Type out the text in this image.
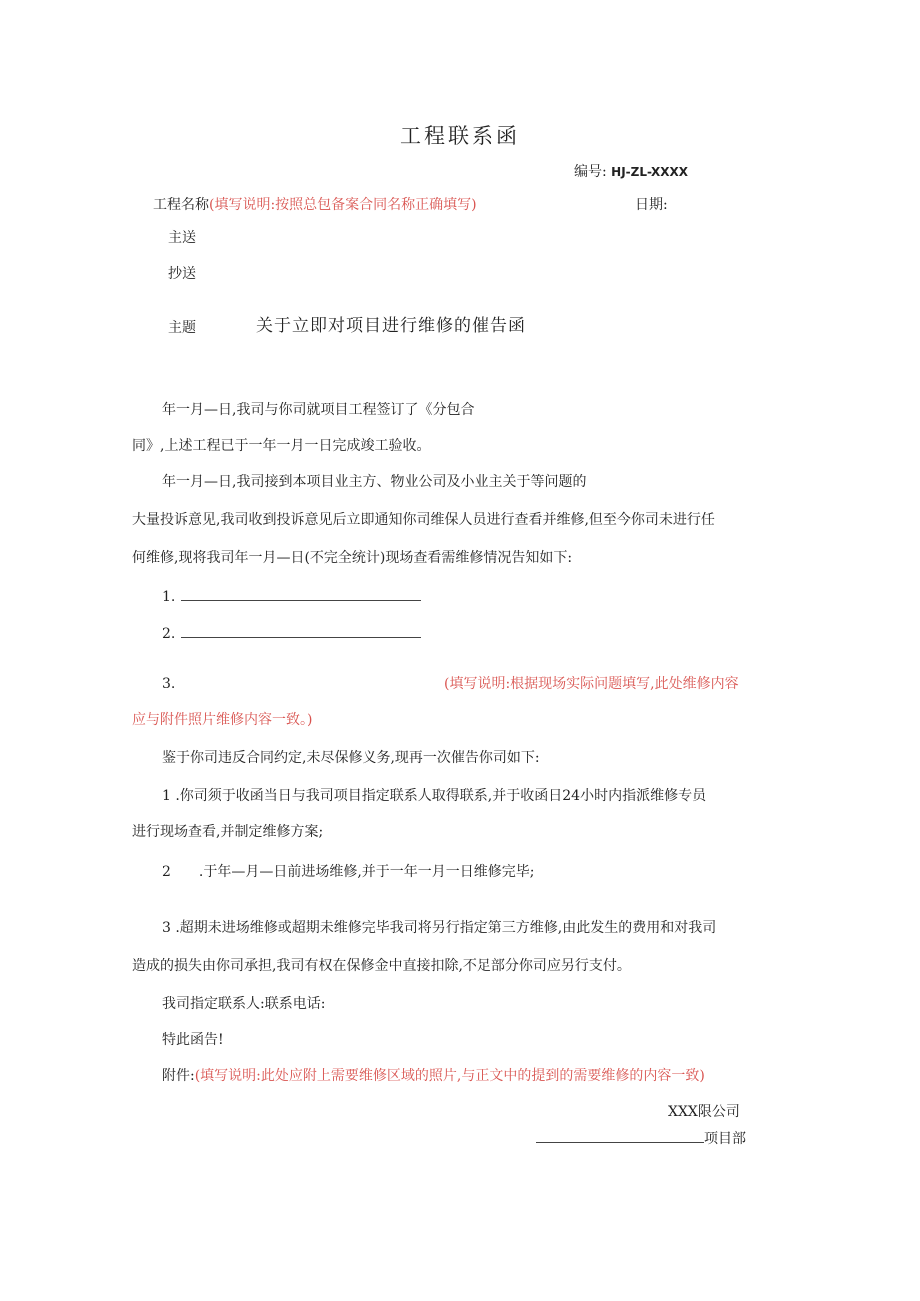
工程联系函
编号: HJ-ZL-XXXX
工程名称(填写说明:按照总包备案合同名称正确填写)	日期:
主送
抄送
主题	关于立即对项目进行维修的催告函
年一月—日,我司与你司就项目工程签订了《分包合
同》,上述工程已于一年一月一日完成竣工验收。
年一月—日,我司接到本项目业主方、物业公司及小业主关于等问题的
大量投诉意见,我司收到投诉意见后立即通知你司维保人员进行查看并维修,但至今你司未进行任
何维修,现将我司年一月—日(不完全统计)现场查看需维修情况告知如下:
1.
2.
3.	(填写说明:根据现场实际问题填写,此处维修内容
应与附件照片维修内容一致。)
鉴于你司违反合同约定,未尽保修义务,现再一次催告你司如下:
1 .你司须于收函当日与我司项目指定联系人取得联系,并于收函日24小时内指派维修专员
进行现场查看,并制定维修方案;
2　　.于年—月—日前进场维修,并于一年一月一日维修完毕;
3 .超期未进场维修或超期未维修完毕我司将另行指定第三方维修,由此发生的费用和对我司
造成的损失由你司承担,我司有权在保修金中直接扣除,不足部分你司应另行支付。
我司指定联系人:联系电话:
特此函告!
附件:(填写说明:此处应附上需要维修区域的照片,与正文中的提到的需要维修的内容一致)
XXX限公司
项目部
